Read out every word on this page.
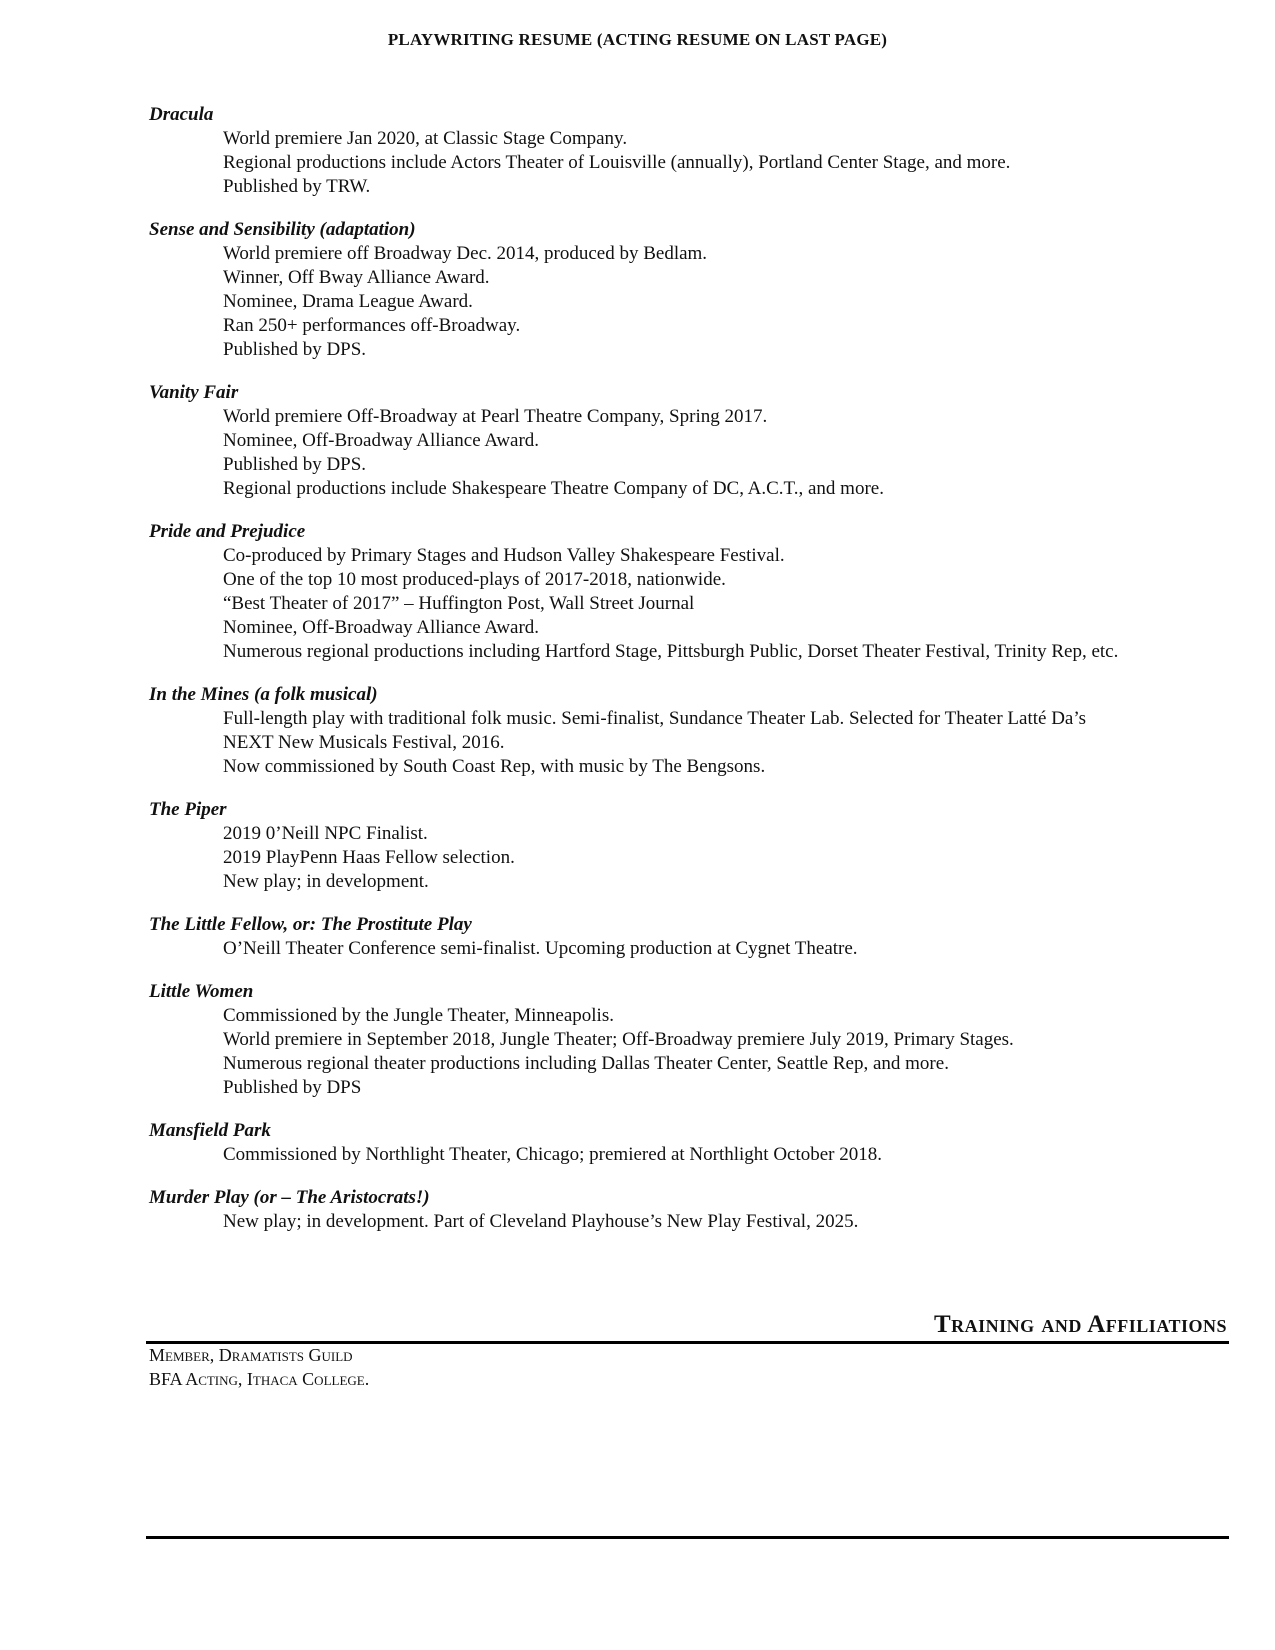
PLAYWRITING RESUME (ACTING RESUME ON LAST PAGE)
Dracula
World premiere Jan 2020, at Classic Stage Company.
Regional productions include Actors Theater of Louisville (annually), Portland Center Stage, and more.
Published by TRW.
Sense and Sensibility (adaptation)
World premiere off Broadway Dec. 2014, produced by Bedlam.
Winner, Off Bway Alliance Award.
Nominee, Drama League Award.
Ran 250+ performances off-Broadway.
Published by DPS.
Vanity Fair
World premiere Off-Broadway at Pearl Theatre Company, Spring 2017.
Nominee, Off-Broadway Alliance Award.
Published by DPS.
Regional productions include Shakespeare Theatre Company of DC, A.C.T., and more.
Pride and Prejudice
Co-produced by Primary Stages and Hudson Valley Shakespeare Festival.
One of the top 10 most produced-plays of 2017-2018, nationwide.
“Best Theater of 2017” – Huffington Post, Wall Street Journal
Nominee, Off-Broadway Alliance Award.
Numerous regional productions including Hartford Stage, Pittsburgh Public, Dorset Theater Festival, Trinity Rep, etc.
In the Mines (a folk musical)
Full-length play with traditional folk music. Semi-finalist, Sundance Theater Lab. Selected for Theater Latté Da’s
NEXT New Musicals Festival, 2016.
Now commissioned by South Coast Rep, with music by The Bengsons.
The Piper
2019 0’Neill NPC Finalist.
2019 PlayPenn Haas Fellow selection.
New play; in development.
The Little Fellow, or: The Prostitute Play
O’Neill Theater Conference semi-finalist. Upcoming production at Cygnet Theatre.
Little Women
Commissioned by the Jungle Theater, Minneapolis.
World premiere in September 2018, Jungle Theater; Off-Broadway premiere July 2019, Primary Stages.
Numerous regional theater productions including Dallas Theater Center, Seattle Rep, and more.
Published by DPS
Mansfield Park
Commissioned by Northlight Theater, Chicago; premiered at Northlight October 2018.
Murder Play (or – The Aristocrats!)
New play; in development. Part of Cleveland Playhouse’s New Play Festival, 2025.
Training and Affiliations
Member, Dramatists Guild
BFA Acting, Ithaca College.
